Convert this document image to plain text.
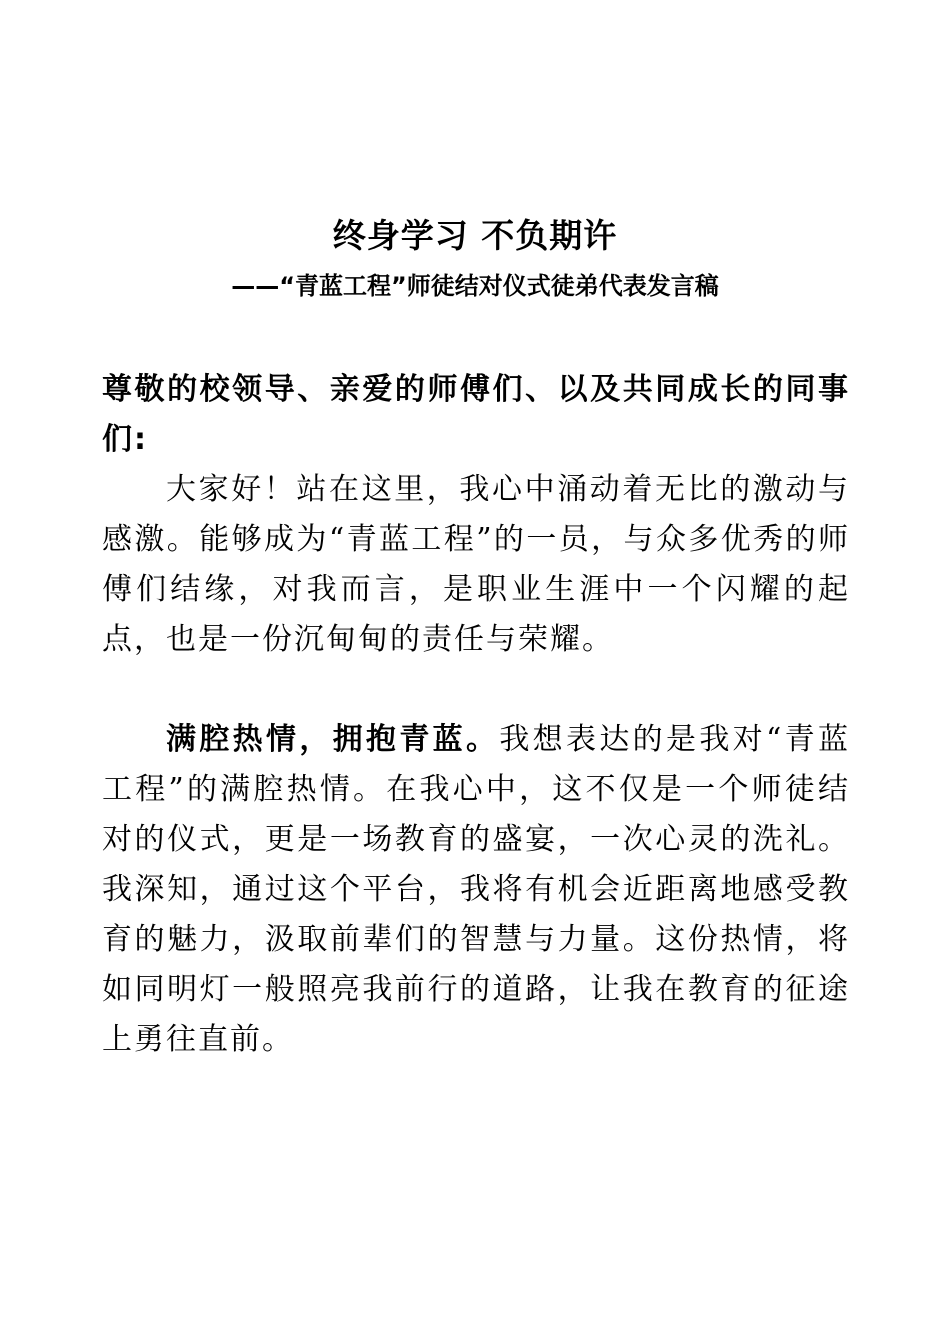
终身学习 不负期许
——“青蓝工程”师徒结对仪式徒弟代表发言稿

尊敬的校领导、亲爱的师傅们、以及共同成长的同事们:

大家好！站在这里，我心中涌动着无比的激动与感激。能够成为“青蓝工程”的一员，与众多优秀的师傅们结缘，对我而言，是职业生涯中一个闪耀的起点，也是一份沉甸甸的责任与荣耀。

满腔热情，拥抱青蓝。我想表达的是我对“青蓝工程”的满腔热情。在我心中，这不仅是一个师徒结对的仪式，更是一场教育的盛宴，一次心灵的洗礼。我深知，通过这个平台，我将有机会近距离地感受教育的魅力，汲取前辈们的智慧与力量。这份热情，将如同明灯一般照亮我前行的道路，让我在教育的征途上勇往直前。
